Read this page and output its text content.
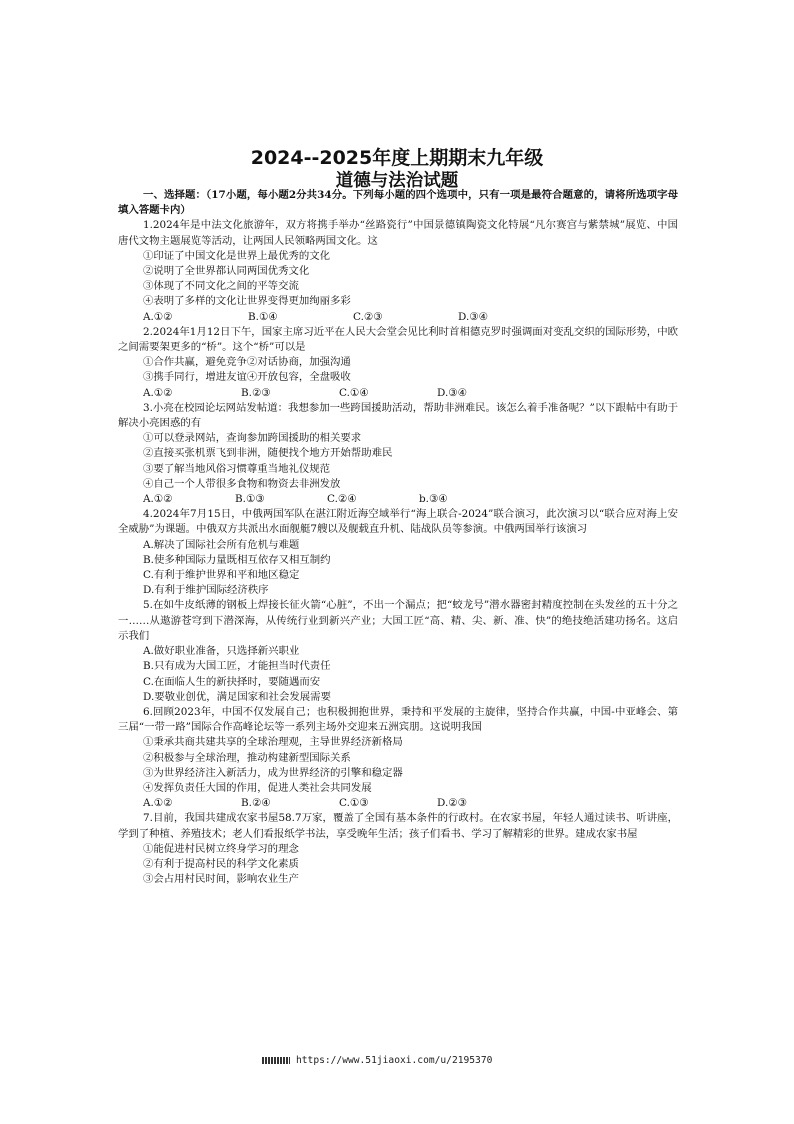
2024--2025年度上期期末九年级
道德与法治试题

一、选择题：（17小题，每小题2分共34分。下列每小题的四个选项中，只有一项是最符合题意的，请将所选项字母填入答题卡内）

1.2024年是中法文化旅游年，双方将携手举办“丝路瓷行”中国景德镇陶瓷文化特展“凡尔赛宫与紫禁城”展览、中国唐代文物主题展览等活动，让两国人民领略两国文化。这

①印证了中国文化是世界上最优秀的文化

②说明了全世界都认同两国优秀文化

③体现了不同文化之间的平等交流

④表明了多样的文化让世界变得更加绚丽多彩

A.①②	B.①④	C.②③	D.③④

2.2024年1月12日下午，国家主席习近平在人民大会堂会见比利时首相德克罗时强调面对变乱交织的国际形势，中欧之间需要架更多的“桥”。这个“桥”可以是

①合作共赢，避免竞争②对话协商，加强沟通

③携手同行，增进友谊④开放包容，全盘吸收

A.①②	B.②③	C.①④	D.③④

3.小亮在校园论坛网站发帖道：我想参加一些跨国援助活动，帮助非洲难民。该怎么着手准备呢？”以下跟帖中有助于解决小亮困惑的有

①可以登录网站，查询参加跨国援助的相关要求

②直接买张机票飞到非洲，随便找个地方开始帮助难民

③要了解当地风俗习惯尊重当地礼仪规范

④自己一个人带很多食物和物资去非洲发放

A.①②	B.①③	C.②④	b.③④

4.2024年7月15日，中俄两国军队在湛江附近海空域举行“海上联合-2024”联合演习，此次演习以“联合应对海上安全威胁”为课题。中俄双方共派出水面舰艇7艘以及舰载直升机、陆战队员等参演。中俄两国举行该演习

A.解决了国际社会所有危机与难题

B.使多种国际力量既相互依存又相互制约

C.有利于维护世界和平和地区稳定

D.有利于维护国际经济秩序

5.在如牛皮纸薄的钢板上焊接长征火箭“心脏”，不出一个漏点；把“蛟龙号”潜水器密封精度控制在头发丝的五十分之一……从遨游苍穹到下潜深海，从传统行业到新兴产业；大国工匠“高、精、尖、新、准、快”的绝技绝活建功扬名。这启示我们

A.做好职业准备，只选择新兴职业

B.只有成为大国工匠，才能担当时代责任

C.在面临人生的新抉择时，要随遇而安

D.要敬业创优，满足国家和社会发展需要

6.回顾2023年，中国不仅发展自己；也积极拥抱世界，秉持和平发展的主旋律，坚持合作共赢，中国-中亚峰会、第三届“一带一路”国际合作高峰论坛等一系列主场外交迎来五洲宾朋。这说明我国

①秉承共商共建共享的全球治理观，主导世界经济新格局

②积极参与全球治理，推动构建新型国际关系

③为世界经济注入新活力，成为世界经济的引擎和稳定器

④发挥负责任大国的作用，促进人类社会共同发展

A.①②	B.②④	C.①③	D.②③

7.目前，我国共建成农家书屋58.7万家，覆盖了全国有基本条件的行政村。在农家书屋，年轻人通过读书、听讲座，学到了种植、养殖技术；老人们看报纸学书法，享受晚年生活；孩子们看书、学习了解精彩的世界。建成农家书屋

①能促进村民树立终身学习的理念

②有利于提高村民的科学文化素质

③会占用村民时间，影响农业生产

https://www.51jiaoxi.com/u/2195370
